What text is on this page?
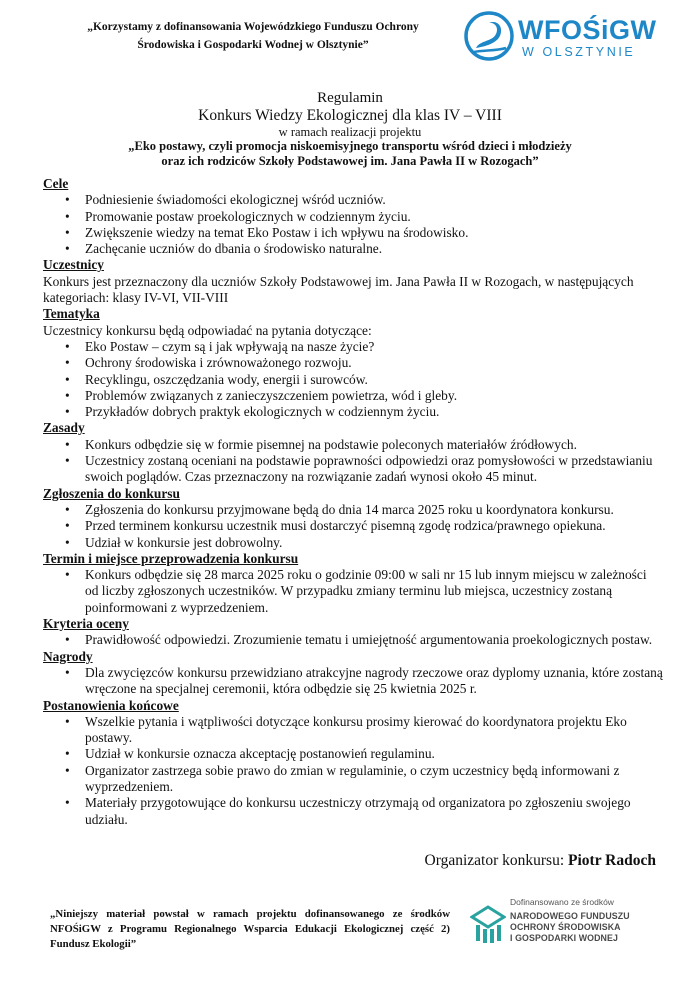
„Korzystamy z dofinansowania Wojewódzkiego Funduszu Ochrony
Środowiska i Gospodarki Wodnej w Olsztynie”	WFOŚiGW
W OLSZTYNIE
Regulamin
Konkurs Wiedzy Ekologicznej dla klas IV – VIII
w ramach realizacji projektu
„Eko postawy, czyli promocja niskoemisyjnego transportu wśród dzieci i młodzieży
oraz ich rodziców Szkoły Podstawowej im. Jana Pawła II w Rozogach”
Cele
• Podniesienie świadomości ekologicznej wśród uczniów.
• Promowanie postaw proekologicznych w codziennym życiu.
• Zwiększenie wiedzy na temat Eko Postaw i ich wpływu na środowisko.
• Zachęcanie uczniów do dbania o środowisko naturalne.
Uczestnicy

Konkurs jest przeznaczony dla uczniów Szkoły Podstawowej im. Jana Pawła II w Rozogach, w następujących kategoriach: klasy IV-VI, VII-VIII

Tematyka

Uczestnicy konkursu będą odpowiadać na pytania dotyczące:

• Eko Postaw – czym są i jak wpływają na nasze życie?
• Ochrony środowiska i zrównoważonego rozwoju.
• Recyklingu, oszczędzania wody, energii i surowców.
• Problemów związanych z zanieczyszczeniem powietrza, wód i gleby.
• Przykładów dobrych praktyk ekologicznych w codziennym życiu.
Zasady
• Konkurs odbędzie się w formie pisemnej na podstawie poleconych materiałów źródłowych.
• Uczestnicy zostaną oceniani na podstawie poprawności odpowiedzi oraz pomysłowości w przedstawianiu swoich poglądów. Czas przeznaczony na rozwiązanie zadań wynosi około 45 minut.
Zgłoszenia do konkursu
• Zgłoszenia do konkursu przyjmowane będą do dnia 14 marca 2025 roku u koordynatora konkursu.
• Przed terminem konkursu uczestnik musi dostarczyć pisemną zgodę rodzica/prawnego opiekuna.
• Udział w konkursie jest dobrowolny.
Termin i miejsce przeprowadzenia konkursu
• Konkurs odbędzie się 28 marca 2025 roku o godzinie 09:00 w sali nr 15 lub innym miejscu w zależności od liczby zgłoszonych uczestników. W przypadku zmiany terminu lub miejsca, uczestnicy zostaną poinformowani z wyprzedzeniem.
Kryteria oceny
• Prawidłowość odpowiedzi. Zrozumienie tematu i umiejętność argumentowania proekologicznych postaw.
Nagrody
• Dla zwycięzców konkursu przewidziano atrakcyjne nagrody rzeczowe oraz dyplomy uznania, które zostaną wręczone na specjalnej ceremonii, która odbędzie się 25 kwietnia 2025 r.
Postanowienia końcowe
• Wszelkie pytania i wątpliwości dotyczące konkursu prosimy kierować do koordynatora projektu Eko postawy.
• Udział w konkursie oznacza akceptację postanowień regulaminu.
• Organizator zastrzega sobie prawo do zmian w regulaminie, o czym uczestnicy będą informowani z wyprzedzeniem.
• Materiały przygotowujące do konkursu uczestniczy otrzymają od organizatora po zgłoszeniu swojego udziału.
Organizator konkursu: Piotr Radoch
„Niniejszy materiał powstał w ramach projektu dofinansowanego ze środków NFOŚiGW z Programu Regionalnego Wsparcia Edukacji Ekologicznej część 2) Fundusz Ekologii”
Dofinansowano ze środków
NARODOWEGO FUNDUSZU
OCHRONY ŚRODOWISKA
I GOSPODARKI WODNEJ
